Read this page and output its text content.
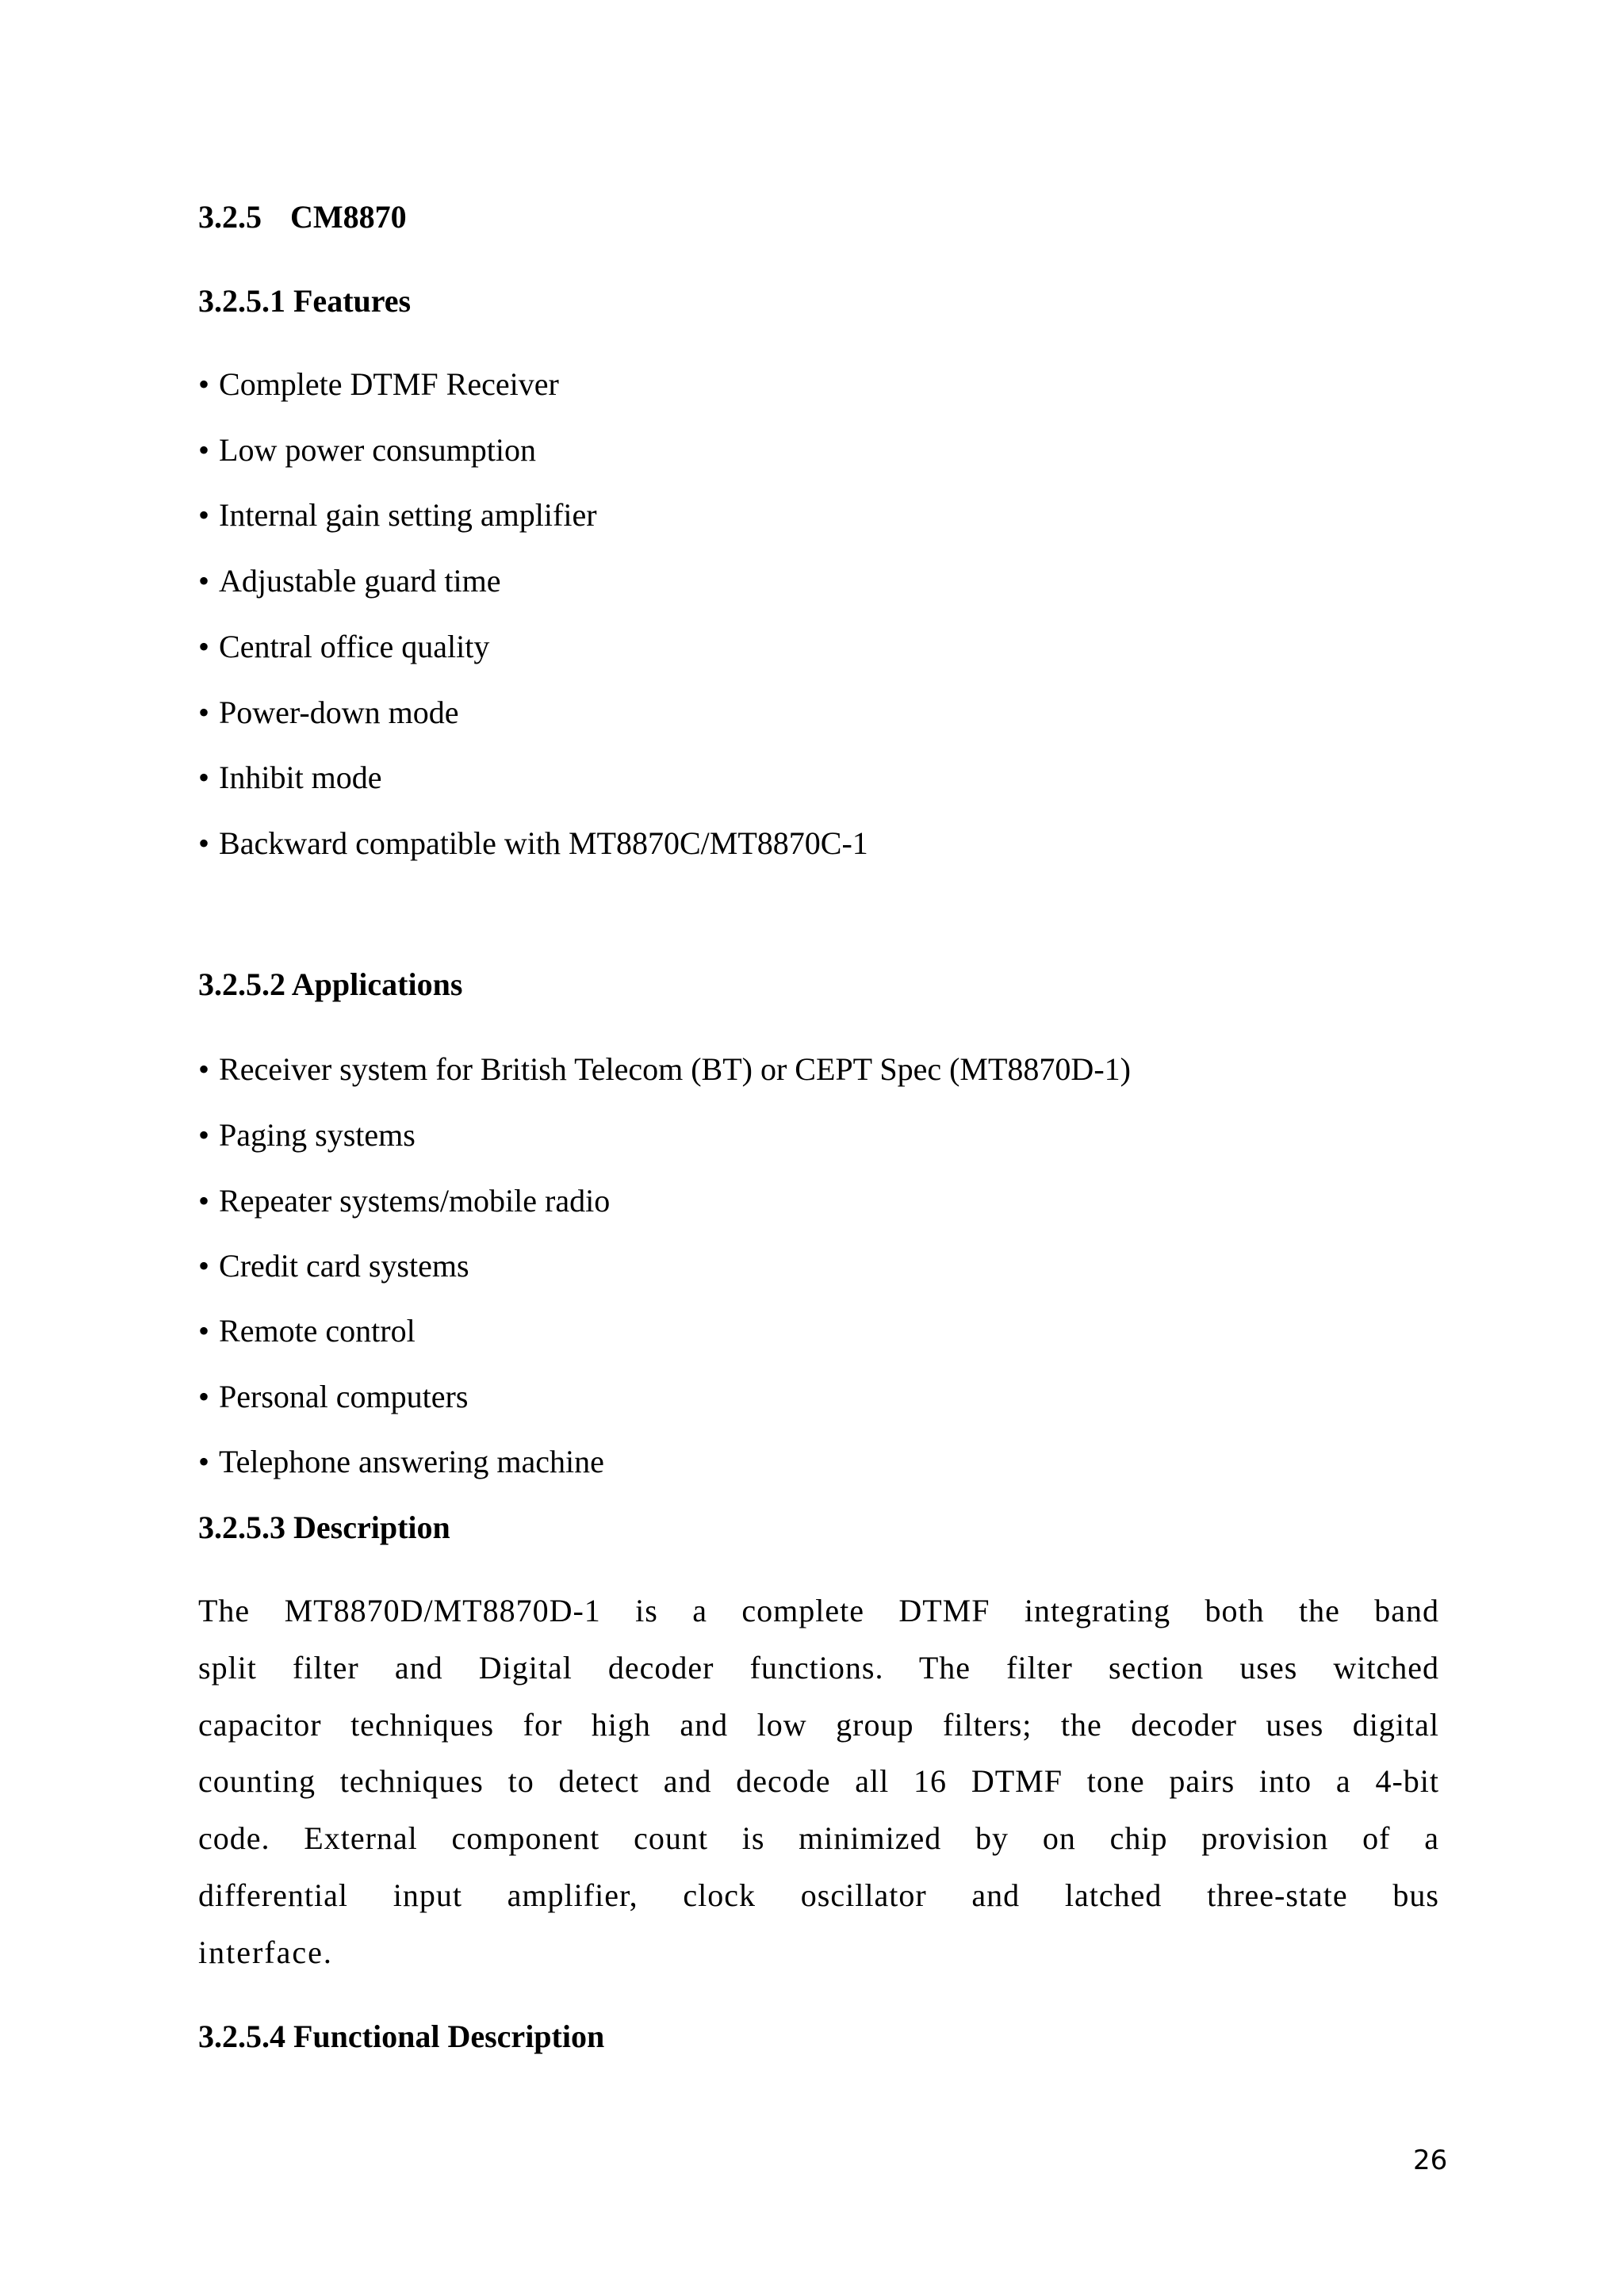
3.2.5 CM8870
3.2.5.1 Features
• Complete DTMF Receiver
• Low power consumption
• Internal gain setting amplifier
• Adjustable guard time
• Central office quality
• Power-down mode
• Inhibit mode
• Backward compatible with MT8870C/MT8870C-1
3.2.5.2 Applications
• Receiver system for British Telecom (BT) or CEPT Spec (MT8870D-1)
• Paging systems
• Repeater systems/mobile radio
• Credit card systems
• Remote control
• Personal computers
• Telephone answering machine
3.2.5.3 Description
The MT8870D/MT8870D-1 is a complete DTMF integrating both the band
split filter and Digital decoder functions. The filter section uses witched
capacitor techniques for high and low group filters; the decoder uses digital
counting techniques to detect and decode all 16 DTMF tone pairs into a 4-bit
code. External component count is minimized by on chip provision of a
differential input amplifier, clock oscillator and latched three-state bus
interface.
3.2.5.4 Functional Description
26
